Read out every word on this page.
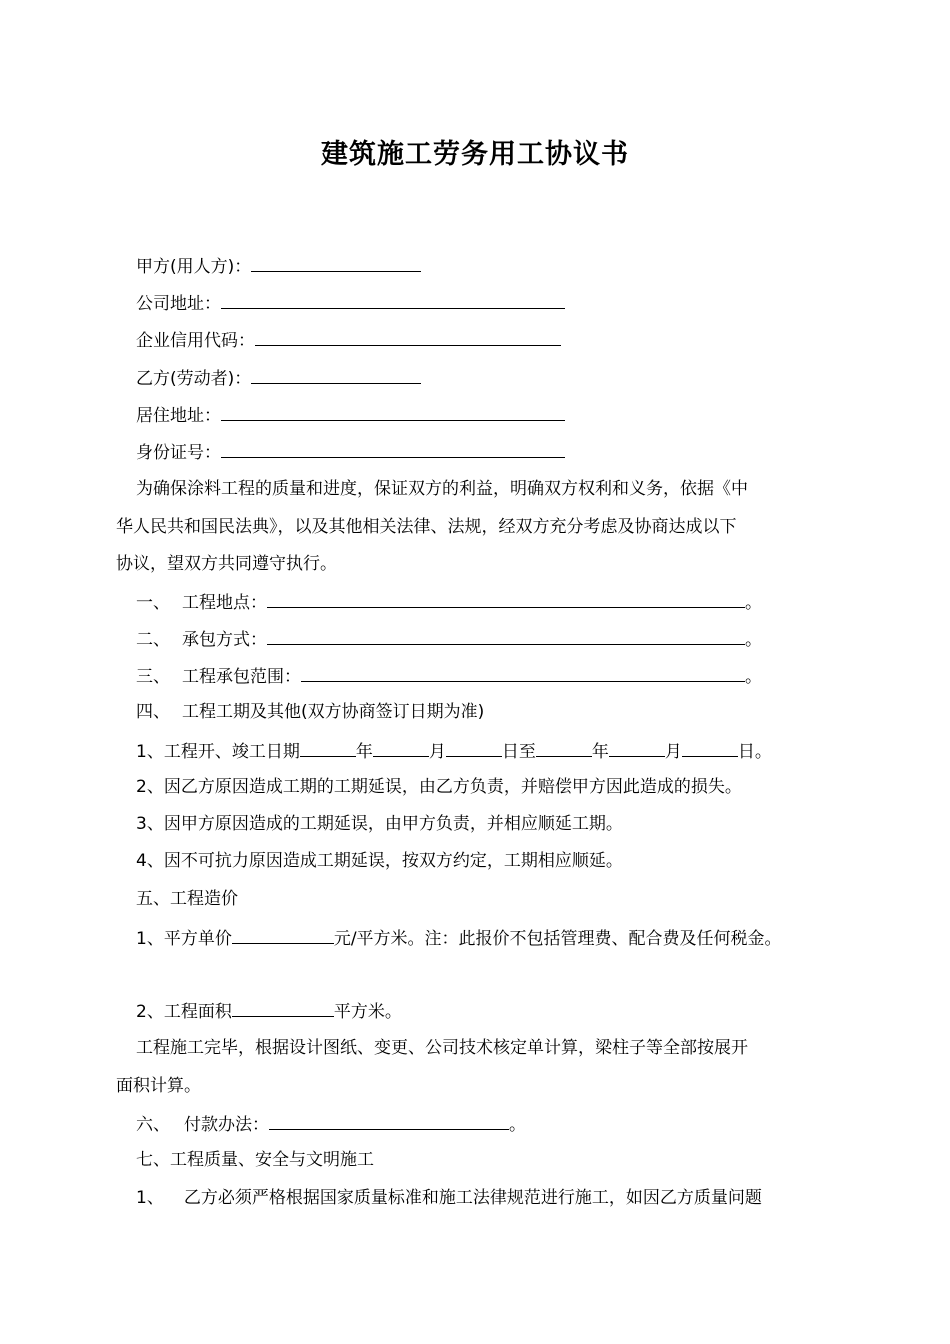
建筑施工劳务用工协议书
甲方(用人方)：
公司地址：
企业信用代码：
乙方(劳动者)：
居住地址：
身份证号：
为确保涂料工程的质量和进度，保证双方的利益，明确双方权利和义务，依据《中
华人民共和国民法典》，以及其他相关法律、法规，经双方充分考虑及协商达成以下
协议，望双方共同遵守执行。
一、 工程地点：	。
二、 承包方式：	。
三、 工程承包范围：	。
四、 工程工期及其他(双方协商签订日期为准)
1、工程开、竣工日期	年	月	日至	年	月	日。
2、因乙方原因造成工期的工期延误，由乙方负责，并赔偿甲方因此造成的损失。
3、因甲方原因造成的工期延误，由甲方负责，并相应顺延工期。
4、因不可抗力原因造成工期延误，按双方约定，工期相应顺延。
五、工程造价
1、平方单价	元/平方米。注：此报价不包括管理费、配合费及任何税金。
2、工程面积	平方米。
工程施工完毕，根据设计图纸、变更、公司技术核定单计算，梁柱子等全部按展开
面积计算。
六、 付款办法：	。
七、工程质量、安全与文明施工
1、 乙方必须严格根据国家质量标准和施工法律规范进行施工，如因乙方质量问题
